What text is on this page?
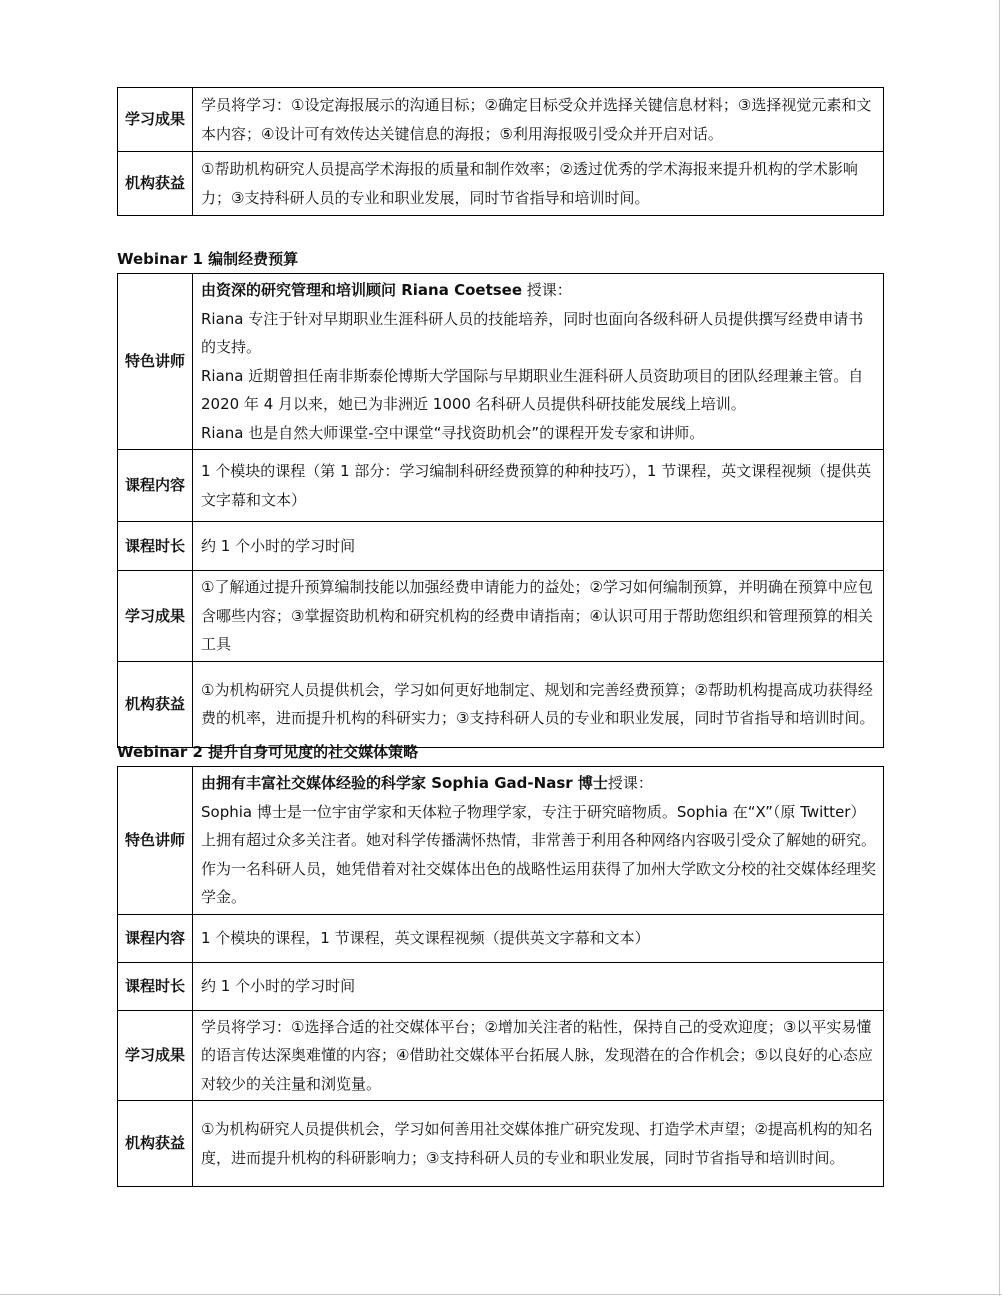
学习成果	学员将学习：①设定海报展示的沟通目标；②确定目标受众并选择关键信息材料；③选择视觉元素和文本内容；④设计可有效传达关键信息的海报；⑤利用海报吸引受众并开启对话。
机构获益	①帮助机构研究人员提高学术海报的质量和制作效率；②透过优秀的学术海报来提升机构的学术影响力；③支持科研人员的专业和职业发展，同时节省指导和培训时间。
Webinar 1 编制经费预算
特色讲师	由资深的研究管理和培训顾问 Riana Coetsee 授课：
Riana 专注于针对早期职业生涯科研人员的技能培养，同时也面向各级科研人员提供撰写经费申请书的支持。
Riana 近期曾担任南非斯泰伦博斯大学国际与早期职业生涯科研人员资助项目的团队经理兼主管。自 2020 年 4 月以来，她已为非洲近 1000 名科研人员提供科研技能发展线上培训。
Riana 也是自然大师课堂-空中课堂“寻找资助机会”的课程开发专家和讲师。

课程内容	1 个模块的课程（第 1 部分：学习编制科研经费预算的种种技巧），1 节课程，英文课程视频（提供英文字幕和文本）
课程时长	约 1 个小时的学习时间
学习成果	①了解通过提升预算编制技能以加强经费申请能力的益处；②学习如何编制预算，并明确在预算中应包含哪些内容；③掌握资助机构和研究机构的经费申请指南；④认识可用于帮助您组织和管理预算的相关工具
机构获益	①为机构研究人员提供机会，学习如何更好地制定、规划和完善经费预算；②帮助机构提高成功获得经费的机率，进而提升机构的科研实力；③支持科研人员的专业和职业发展，同时节省指导和培训时间。
Webinar 2 提升自身可见度的社交媒体策略
特色讲师	由拥有丰富社交媒体经验的科学家 Sophia Gad-Nasr 博士授课：
Sophia 博士是一位宇宙学家和天体粒子物理学家，专注于研究暗物质。Sophia 在“X”（原 Twitter）上拥有超过众多关注者。她对科学传播满怀热情，非常善于利用各种网络内容吸引受众了解她的研究。作为一名科研人员，她凭借着对社交媒体出色的战略性运用获得了加州大学欧文分校的社交媒体经理奖学金。

课程内容	1 个模块的课程，1 节课程，英文课程视频（提供英文字幕和文本）
课程时长	约 1 个小时的学习时间
学习成果	学员将学习：①选择合适的社交媒体平台；②增加关注者的粘性，保持自己的受欢迎度；③以平实易懂的语言传达深奥难懂的内容；④借助社交媒体平台拓展人脉，发现潜在的合作机会；⑤以良好的心态应对较少的关注量和浏览量。
机构获益	①为机构研究人员提供机会，学习如何善用社交媒体推广研究发现、打造学术声望；②提高机构的知名度，进而提升机构的科研影响力；③支持科研人员的专业和职业发展，同时节省指导和培训时间。
